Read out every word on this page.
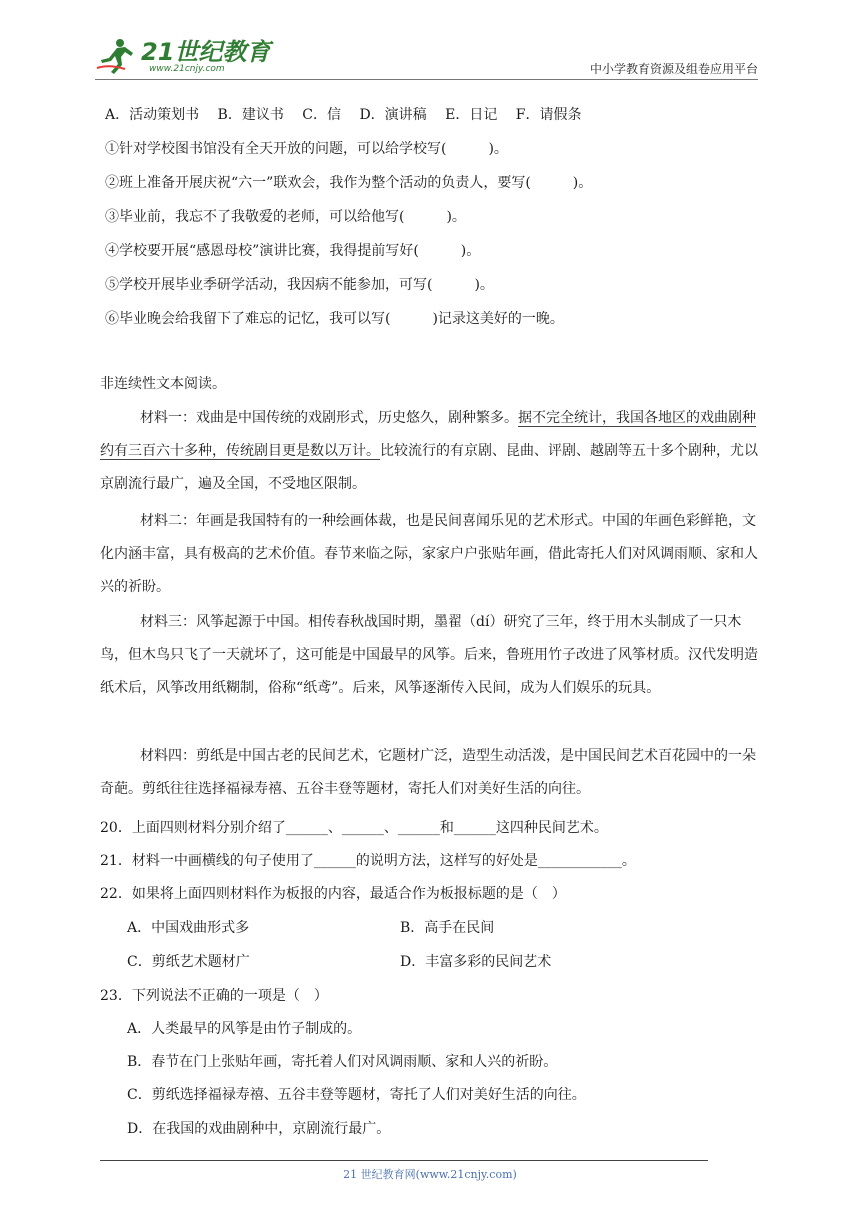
21世纪教育
www.21cnjy.com	中小学教育资源及组卷应用平台
A．活动策划书　 B．建议书　 C．信　 D．演讲稿　 E．日记　 F．请假条
①针对学校图书馆没有全天开放的问题，可以给学校写(　　　)。
②班上准备开展庆祝“六一”联欢会，我作为整个活动的负责人，要写(　　　)。
③毕业前，我忘不了我敬爱的老师，可以给他写(　　　)。
④学校要开展“感恩母校”演讲比赛，我得提前写好(　　　)。
⑤学校开展毕业季研学活动，我因病不能参加，可写(　　　)。
⑥毕业晚会给我留下了难忘的记忆，我可以写(　　　)记录这美好的一晚。
非连续性文本阅读。
材料一：戏曲是中国传统的戏剧形式，历史悠久，剧种繁多。据不完全统计，我国各地区的戏曲剧种约有三百六十多种，传统剧目更是数以万计。比较流行的有京剧、昆曲、评剧、越剧等五十多个剧种，尤以京剧流行最广，遍及全国，不受地区限制。
材料二：年画是我国特有的一种绘画体裁，也是民间喜闻乐见的艺术形式。中国的年画色彩鲜艳，文化内涵丰富，具有极高的艺术价值。春节来临之际，家家户户张贴年画，借此寄托人们对风调雨顺、家和人兴的祈盼。
材料三：风筝起源于中国。相传春秋战国时期，墨翟（dí）研究了三年，终于用木头制成了一只木鸟，但木鸟只飞了一天就坏了，这可能是中国最早的风筝。后来，鲁班用竹子改进了风筝材质。汉代发明造纸术后，风筝改用纸糊制，俗称“纸鸢”。后来，风筝逐渐传入民间，成为人们娱乐的玩具。
材料四：剪纸是中国古老的民间艺术，它题材广泛，造型生动活泼，是中国民间艺术百花园中的一朵奇葩。剪纸往往选择福禄寿禧、五谷丰登等题材，寄托人们对美好生活的向往。
20．上面四则材料分别介绍了______、______、______和______这四种民间艺术。
21．材料一中画横线的句子使用了______的说明方法，这样写的好处是____________。
22．如果将上面四则材料作为板报的内容，最适合作为板报标题的是（　）
A．中国戏曲形式多	B．高手在民间
C．剪纸艺术题材广	D．丰富多彩的民间艺术
23．下列说法不正确的一项是（　）
A．人类最早的风筝是由竹子制成的。
B．春节在门上张贴年画，寄托着人们对风调雨顺、家和人兴的祈盼。
C．剪纸选择福禄寿禧、五谷丰登等题材，寄托了人们对美好生活的向往。
D．在我国的戏曲剧种中，京剧流行最广。
21 世纪教育网(www.21cnjy.com)
